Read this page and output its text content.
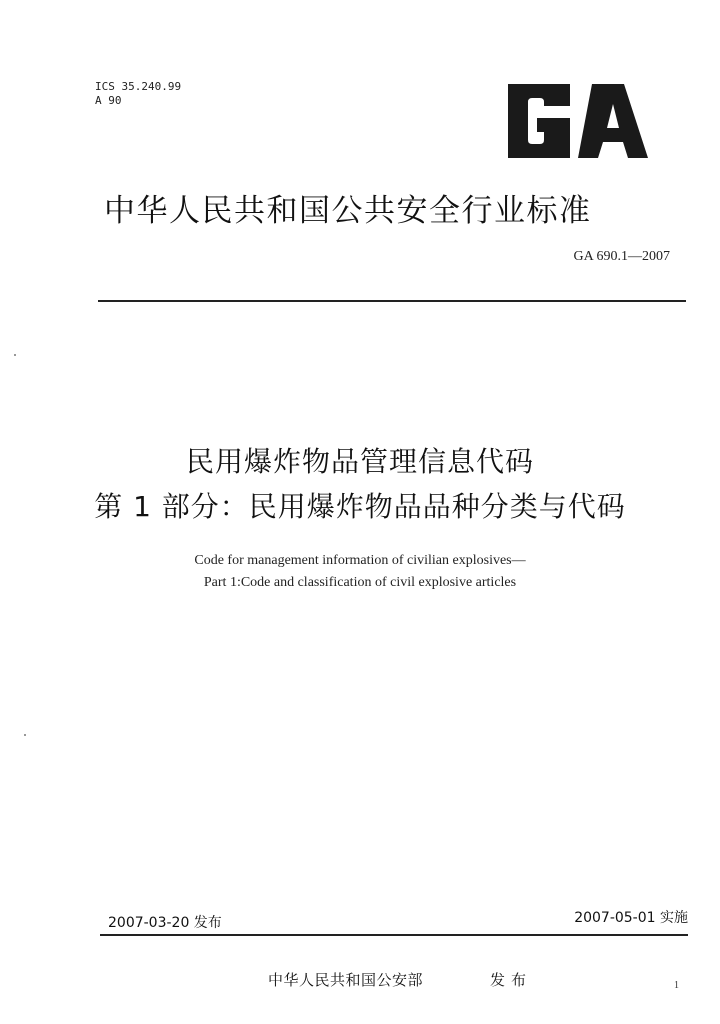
ICS 35.240.99
A 90
中华人民共和国公共安全行业标准
GA 690.1—2007
民用爆炸物品管理信息代码
第 1 部分：民用爆炸物品品种分类与代码
Code for management information of civilian explosives—
Part 1:Code and classification of civil explosive articles
2007-03-20 发布	2007-05-01 实施
中华人民共和国公安部	发布	1
